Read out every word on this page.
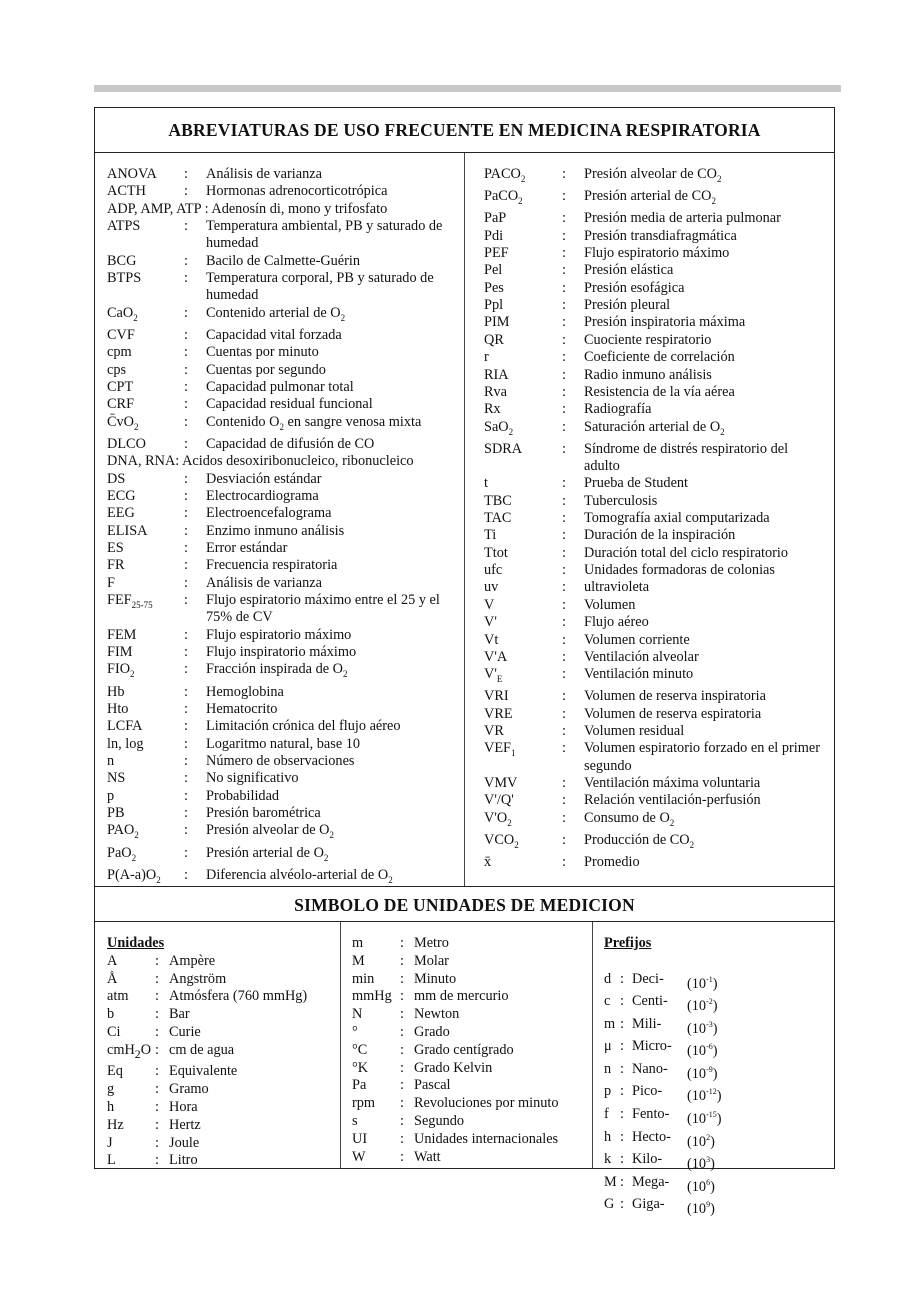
ABREVIATURAS DE USO FRECUENTE EN MEDICINA RESPIRATORIA
ANOVA	:	Análisis de varianza
ACTH	:	Hormonas adrenocorticotrópica
ADP, AMP, ATP : Adenosín di, mono y trifosfato
ATPS	:	Temperatura ambiental, PB y saturado de humedad
BCG	:	Bacilo de Calmette-Guérin
BTPS	:	Temperatura corporal, PB y saturado de humedad
CaO$_2$	:	Contenido arterial de $O_2$
CVF	:	Capacidad vital forzada
cpm	:	Cuentas por minuto
cps	:	Cuentas por segundo
CPT	:	Capacidad pulmonar total
CRF	:	Capacidad residual funcional
$C̄vO_2$	:	Contenido $O_2$ en sangre venosa mixta
DLCO	:	Capacidad de difusión de CO
DNA, RNA: Acidos desoxiribonucleico, ribonucleico
DS	:	Desviación estándar
ECG	:	Electrocardiograma
EEG	:	Electroencefalograma
ELISA	:	Enzimo inmuno análisis
ES	:	Error estándar
FR	:	Frecuencia respiratoria
F	:	Análisis de varianza
$FEF_{25-75}$	:	Flujo espiratorio máximo entre el 25 y el 75% de CV
FEM	:	Flujo espiratorio máximo
FIM	:	Flujo inspiratorio máximo
$FIO_2$	:	Fracción inspirada de $O_2$
Hb	:	Hemoglobina
Hto	:	Hematocrito
LCFA	:	Limitación crónica del flujo aéreo
ln, log	:	Logaritmo natural, base 10
n	:	Número de observaciones
NS	:	No significativo
p	:	Probabilidad
PB	:	Presión barométrica
$PAO_2$	:	Presión alveolar de $O_2$
PaO$_2$	:	Presión arterial de $O_2$
$P(A-a)O_2$	:	Diferencia alvéolo-arterial de $O_2$
$PACO_2$	:	Presión alveolar de $CO_2$
PaCO$_2$	:	Presión arterial de $CO_2$
PaP	:	Presión media de arteria pulmonar
Pdi	:	Presión transdiafragmática
PEF	:	Flujo espiratorio máximo
Pel	:	Presión elástica
Pes	:	Presión esofágica
Ppl	:	Presión pleural
PIM	:	Presión inspiratoria máxima
QR	:	Cuociente respiratorio
r	:	Coeficiente de correlación
RIA	:	Radio inmuno análisis
Rva	:	Resistencia de la vía aérea
Rx	:	Radiografía
SaO$_2$	:	Saturación arterial de $O_2$
SDRA	:	Síndrome de distrés respiratorio del adulto
t	:	Prueba de Student
TBC	:	Tuberculosis
TAC	:	Tomografía axial computarizada
Ti	:	Duración de la inspiración
Ttot	:	Duración total del ciclo respiratorio
ufc	:	Unidades formadoras de colonias
uv	:	ultravioleta
V	:	Volumen
V'	:	Flujo aéreo
Vt	:	Volumen corriente
V'A	:	Ventilación alveolar
$V'_E$	:	Ventilación minuto
VRI	:	Volumen de reserva inspiratoria
VRE	:	Volumen de reserva espiratoria
VR	:	Volumen residual
$VEF_1$	:	Volumen espiratorio forzado en el primer segundo
VMV	:	Ventilación máxima voluntaria
V'/Q'	:	Relación ventilación-perfusión
$V'O_2$	:	Consumo de $O_2$
$VCO_2$	:	Producción de $CO_2$
x̄	:	Promedio
SIMBOLO DE UNIDADES DE MEDICION
Unidades
A	: Ampère
Å	: Angström
atm	: Atmósfera (760 mmHg)
b	: Bar
Ci	: Curie
cmH$_2$O : cm de agua
Eq	: Equivalente
g	: Gramo
h	: Hora
Hz	: Hertz
J	: Joule
L	: Litro
m	: Metro
M	: Molar
min	: Minuto
mmHg : mm de mercurio
N	: Newton
°	: Grado
°C	: Grado centígrado
°K	: Grado Kelvin
Pa	: Pascal
rpm	: Revoluciones por minuto
s	: Segundo
UI	: Unidades internacionales
W	: Watt
Prefijos
d : Deci-	$(10^{-1})$
c : Centi-	$(10^{-2})$
m : Mili-	$(10^{-3})$
μ : Micro-	$(10^{-6})$
n : Nano-	$(10^{-9})$
p : Pico-	$(10^{-12})$
f : Fento-	$(10^{-15})$
h : Hecto-	$(10^2)$
k : Kilo-	$(10^3)$
M : Mega-	$(10^6)$
G : Giga-	$(10^9)$
